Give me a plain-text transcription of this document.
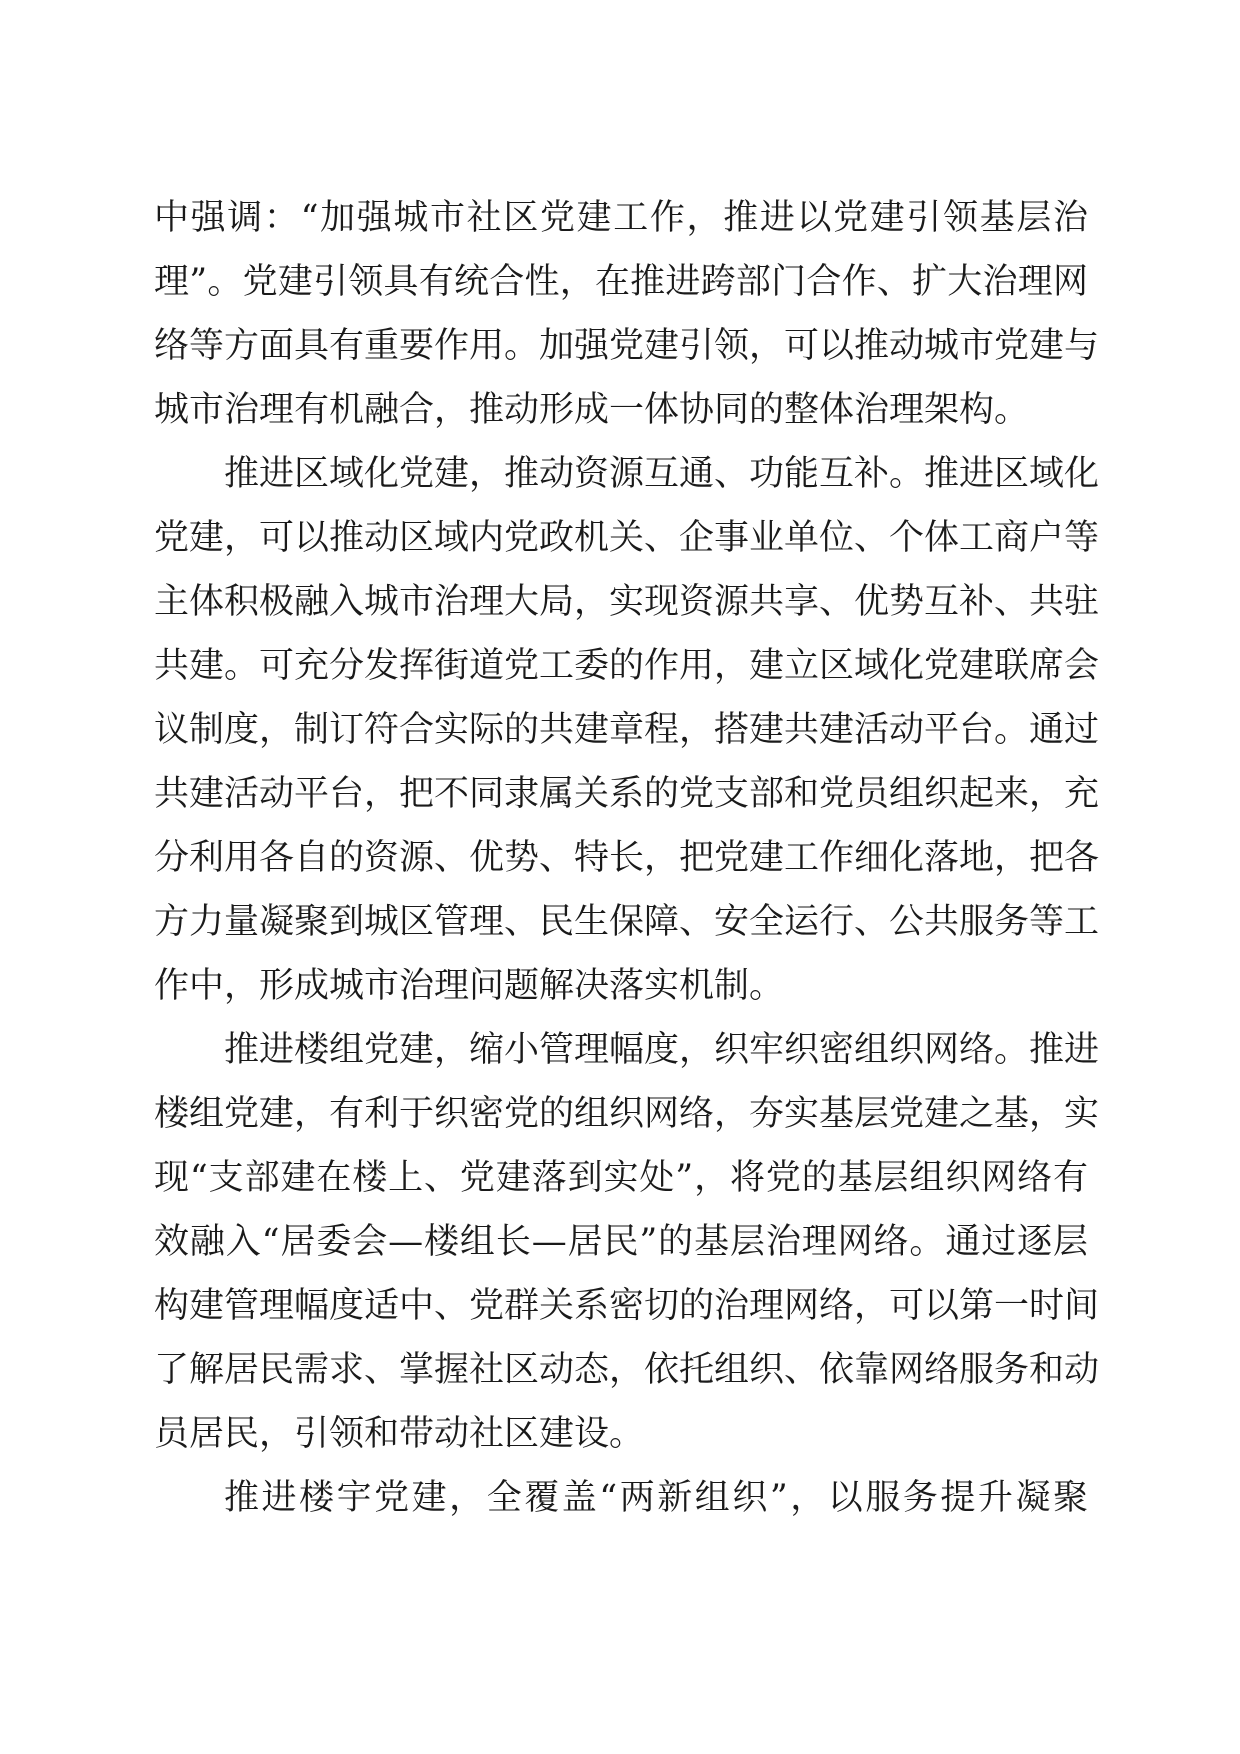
中强调：“加强城市社区党建工作，推进以党建引领基层治
理”。党建引领具有统合性，在推进跨部门合作、扩大治理网
络等方面具有重要作用。加强党建引领，可以推动城市党建与
城市治理有机融合，推动形成一体协同的整体治理架构。
推进区域化党建，推动资源互通、功能互补。推进区域化
党建，可以推动区域内党政机关、企事业单位、个体工商户等
主体积极融入城市治理大局，实现资源共享、优势互补、共驻
共建。可充分发挥街道党工委的作用，建立区域化党建联席会
议制度，制订符合实际的共建章程，搭建共建活动平台。通过
共建活动平台，把不同隶属关系的党支部和党员组织起来，充
分利用各自的资源、优势、特长，把党建工作细化落地，把各
方力量凝聚到城区管理、民生保障、安全运行、公共服务等工
作中，形成城市治理问题解决落实机制。
推进楼组党建，缩小管理幅度，织牢织密组织网络。推进
楼组党建，有利于织密党的组织网络，夯实基层党建之基，实
现“支部建在楼上、党建落到实处”，将党的基层组织网络有
效融入“居委会—楼组长—居民”的基层治理网络。通过逐层
构建管理幅度适中、党群关系密切的治理网络，可以第一时间
了解居民需求、掌握社区动态，依托组织、依靠网络服务和动
员居民，引领和带动社区建设。
推进楼宇党建，全覆盖“两新组织”，以服务提升凝聚
